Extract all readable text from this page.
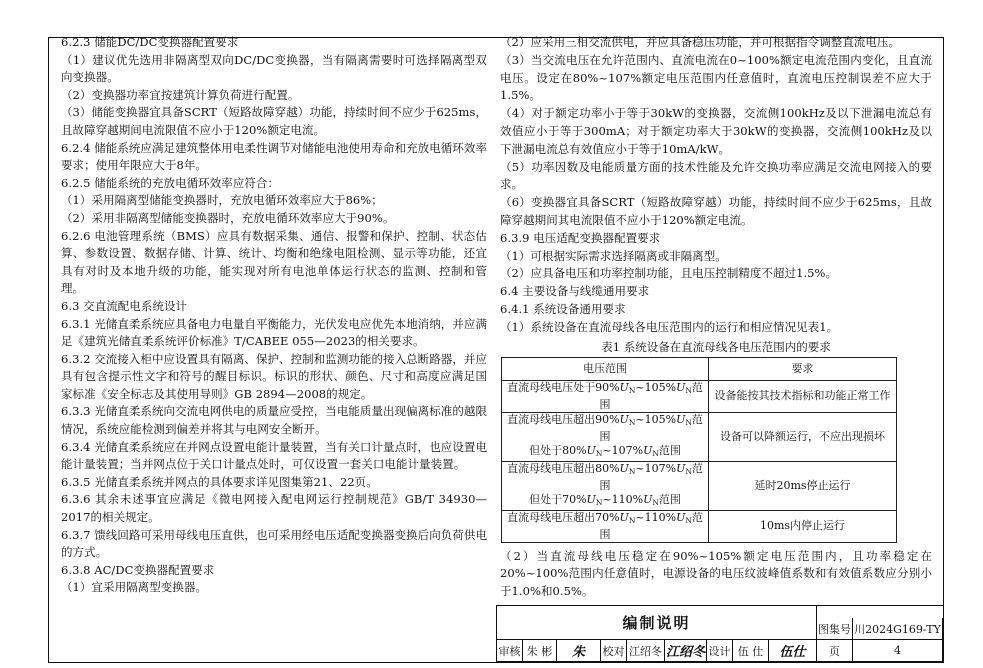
6.2.3 储能DC/DC变换器配置要求

（1）建议优先选用非隔离型双向DC/DC变换器，当有隔离需要时可选择隔离型双向变换器。

（2）变换器功率宜按建筑计算负荷进行配置。

（3）储能变换器宜具备SCRT（短路故障穿越）功能，持续时间不应少于625ms，且故障穿越期间电流限值不应小于120%额定电流。

6.2.4 储能系统应满足建筑整体用电柔性调节对储能电池使用寿命和充放电循环效率要求；使用年限应大于8年。

6.2.5 储能系统的充放电循环效率应符合：

（1）采用隔离型储能变换器时，充放电循环效率应大于86%；

（2）采用非隔离型储能变换器时，充放电循环效率应大于90%。

6.2.6 电池管理系统（BMS）应具有数据采集、通信、报警和保护、控制、状态估算、参数设置、数据存储、计算、统计、均衡和绝缘电阻检测、显示等功能，还宜具有对时及本地升级的功能，能实现对所有电池单体运行状态的监测、控制和管理。

6.3 交直流配电系统设计

6.3.1 光储直柔系统应具备电力电量自平衡能力，光伏发电应优先本地消纳，并应满足《建筑光储直柔系统评价标准》T/CABEE 055—2023的相关要求。

6.3.2 交流接入柜中应设置具有隔离、保护、控制和监测功能的接入总断路器，并应具有包含提示性文字和符号的醒目标识。标识的形状、颜色、尺寸和高度应满足国家标准《安全标志及其使用导则》GB 2894—2008的规定。

6.3.3 光储直柔系统向交流电网供电的质量应受控，当电能质量出现偏离标准的越限情况，系统应能检测到偏差并将其与电网安全断开。

6.3.4 光储直柔系统应在并网点设置电能计量装置，当有关口计量点时，也应设置电能计量装置；当并网点位于关口计量点处时，可仅设置一套关口电能计量装置。

6.3.5 光储直柔系统并网点的具体要求详见图集第21、22页。

6.3.6 其余未述事宜应满足《微电网接入配电网运行控制规范》GB/T 34930—2017的相关规定。

6.3.7 馈线回路可采用母线电压直供，也可采用经电压适配变换器变换后向负荷供电的方式。

6.3.8 AC/DC变换器配置要求

（1）宜采用隔离型变换器。

（2）应采用三相交流供电，并应具备稳压功能，并可根据指令调整直流电压。

（3）当交流电压在允许范围内、直流电流在0~100%额定电流范围内变化，且直流电压。设定在80%~107%额定电压范围内任意值时，直流电压控制误差不应大于1.5%。

（4）对于额定功率小于等于30kW的变换器，交流侧100kHz及以下泄漏电流总有效值应小于等于300mA；对于额定功率大于30kW的变换器，交流侧100kHz及以下泄漏电流总有效值应小于等于10mA/kW。

（5）功率因数及电能质量方面的技术性能及允许交换功率应满足交流电网接入的要求。

（6）变换器宜具备SCRT（短路故障穿越）功能，持续时间不应少于625ms，且故障穿越期间其电流限值不应小于120%额定电流。

6.3.9 电压适配变换器配置要求

（1）可根据实际需求选择隔离或非隔离型。

（2）应具备电压和功率控制功能，且电压控制精度不超过1.5%。

6.4 主要设备与线缆通用要求

6.4.1 系统设备通用要求

（1）系统设备在直流母线各电压范围内的运行和相应情况见表1。

表1 系统设备在直流母线各电压范围内的要求
电压范围	要求

直流母线电压处于$90\%U_N\sim 105\%U_N$范围	设备能按其技术指标和功能正常工作

直流母线电压超出$90\%U_N\sim 105\%U_N$范围
但处于$80\%U_N\sim 107\%U_N$范围	设备可以降额运行，不应出现损坏

直流母线电压超出$80\%U_N\sim 107\%U_N$范围
但处于$70\%U_N\sim 110\%U_N$范围	延时20ms停止运行

直流母线电压超出$70\%U_N\sim 110\%U_N$范围	10ms内停止运行

（2）当直流母线电压稳定在90%~105%额定电压范围内，且功率稳定在20%~100%范围内任意值时，电源设备的电压纹波峰值系数和有效值系数应分别小于1.0%和0.5%。

编制说明	图集号 川2024G169-TY
审核 朱 彬	朱	校对 江绍冬 江绍冬 设计 伍 仕	伍仕	页	4
